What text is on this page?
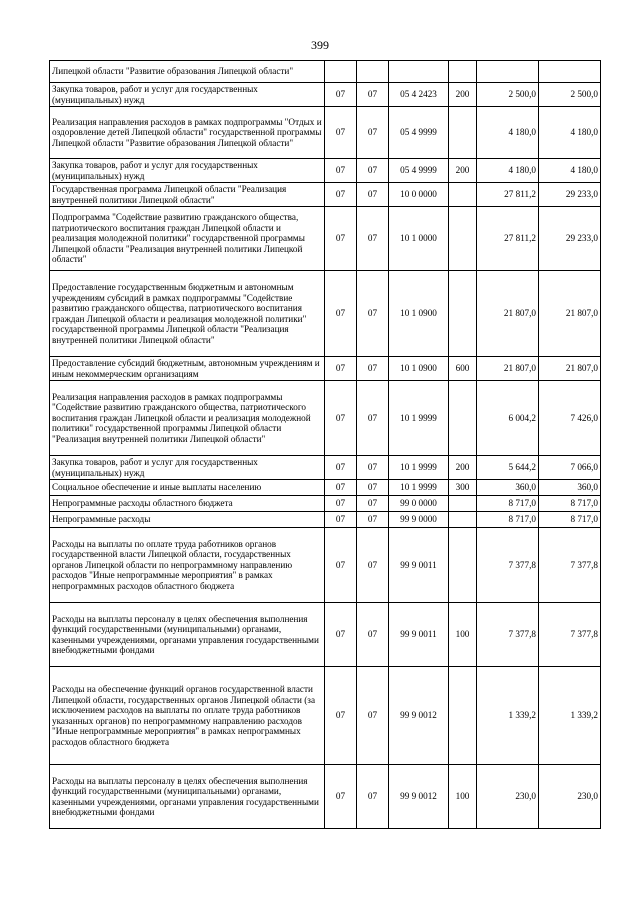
399
Липецкой области "Развитие образования Липецкой области"						
Закупка товаров, работ и услуг для государственных (муниципальных) нужд	07	07	05 4 2423	200	2 500,0	2 500,0
Реализация направления расходов в рамках подпрограммы "Отдых и оздоровление детей Липецкой области" государственной программы Липецкой области "Развитие образования Липецкой области"	07	07	05 4 9999		4 180,0	4 180,0
Закупка товаров, работ и услуг для государственных (муниципальных) нужд	07	07	05 4 9999	200	4 180,0	4 180,0
Государственная программа Липецкой области "Реализация внутренней политики Липецкой области"	07	07	10 0 0000		27 811,2	29 233,0
Подпрограмма "Содействие развитию гражданского общества, патриотического воспитания граждан Липецкой области и реализация молодежной политики" государственной программы Липецкой области "Реализация внутренней политики Липецкой области"	07	07	10 1 0000		27 811,2	29 233,0
Предоставление государственным бюджетным и автономным учреждениям субсидий в рамках подпрограммы "Содействие развитию гражданского общества, патриотического воспитания граждан Липецкой области и реализация молодежной политики" государственной программы Липецкой области "Реализация внутренней политики Липецкой области"	07	07	10 1 0900		21 807,0	21 807,0
Предоставление субсидий бюджетным, автономным учреждениям и иным некоммерческим организациям	07	07	10 1 0900	600	21 807,0	21 807,0
Реализация направления расходов в рамках подпрограммы "Содействие развитию гражданского общества, патриотического воспитания граждан Липецкой области и реализация молодежной политики" государственной программы Липецкой области "Реализация внутренней политики Липецкой области"	07	07	10 1 9999		6 004,2	7 426,0
Закупка товаров, работ и услуг для государственных (муниципальных) нужд	07	07	10 1 9999	200	5 644,2	7 066,0
Социальное обеспечение и иные выплаты населению	07	07	10 1 9999	300	360,0	360,0
Непрограммные расходы областного бюджета	07	07	99 0 0000		8 717,0	8 717,0
Непрограммные расходы	07	07	99 9 0000		8 717,0	8 717,0
Расходы на выплаты по оплате труда работников органов государственной власти Липецкой области, государственных органов Липецкой области по непрограммному направлению расходов "Иные непрограммные мероприятия" в рамках непрограммных расходов областного бюджета	07	07	99 9 0011		7 377,8	7 377,8
Расходы на выплаты персоналу в целях обеспечения выполнения функций государственными (муниципальными) органами, казенными учреждениями, органами управления государственными внебюджетными фондами	07	07	99 9 0011	100	7 377,8	7 377,8
Расходы на обеспечение функций органов государственной власти Липецкой области, государственных органов Липецкой области (за исключением расходов на выплаты по оплате труда работников указанных органов) по непрограммному направлению расходов "Иные непрограммные мероприятия" в рамках непрограммных расходов областного бюджета	07	07	99 9 0012		1 339,2	1 339,2
Расходы на выплаты персоналу в целях обеспечения выполнения функций государственными (муниципальными) органами, казенными учреждениями, органами управления государственными внебюджетными фондами	07	07	99 9 0012	100	230,0	230,0
